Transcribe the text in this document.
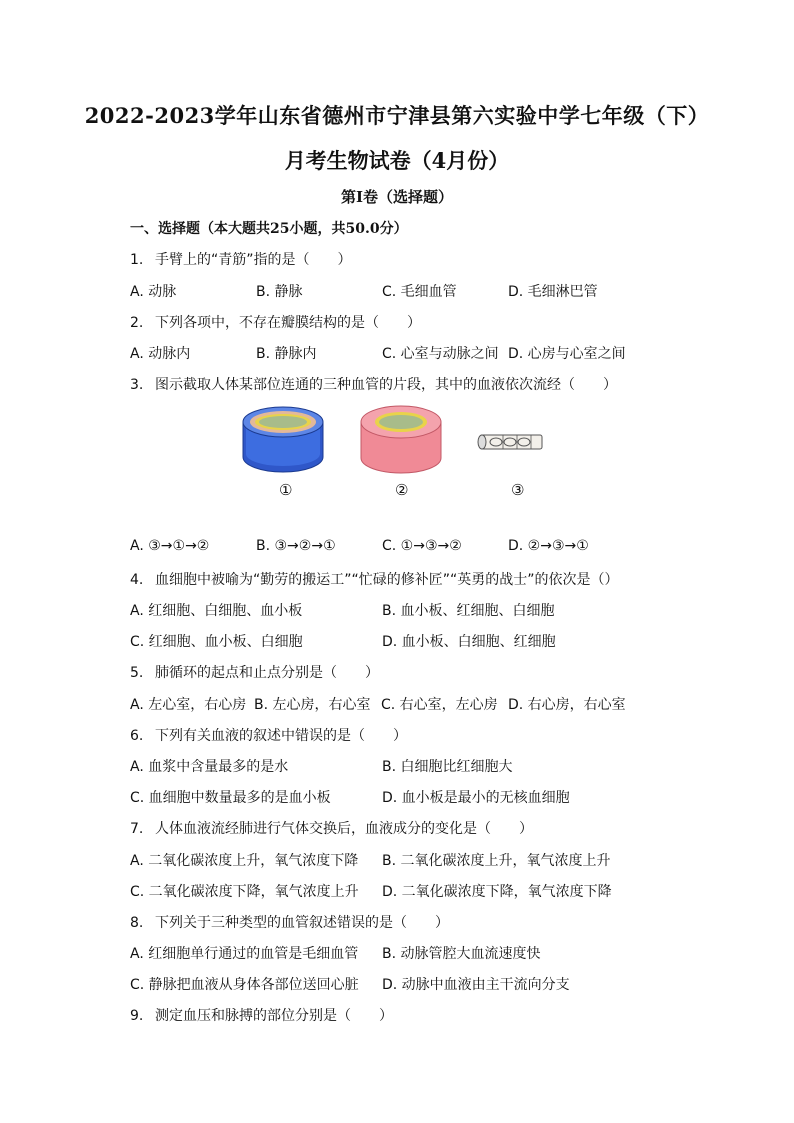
2022-2023学年山东省德州市宁津县第六实验中学七年级（下）
月考生物试卷（4月份）
第I卷（选择题）
一、选择题（本大题共25小题，共50.0分）
1. 手臂上的“青筋”指的是（　　）
A. 动脉	B. 静脉	C. 毛细血管	D. 毛细淋巴管
2. 下列各项中，不存在瓣膜结构的是（　　）
A. 动脉内	B. 静脉内	C. 心室与动脉之间 D. 心房与心室之间
3. 图示截取人体某部位连通的三种血管的片段，其中的血液依次流经（　　）
①	②	③
A. ③→①→②	B. ③→②→①	C. ①→③→②	D. ②→③→①
4. 血细胞中被喻为“勤劳的搬运工”“忙碌的修补匠”“英勇的战士”的依次是（）
A. 红细胞、白细胞、血小板	B. 血小板、红细胞、白细胞
C. 红细胞、血小板、白细胞	D. 血小板、白细胞、红细胞
5. 肺循环的起点和止点分别是（　　）
A. 左心室，右心房 B. 左心房，右心室 C. 右心室，左心房 D. 右心房，右心室
6. 下列有关血液的叙述中错误的是（　　）
A. 血浆中含量最多的是水	B. 白细胞比红细胞大
C. 血细胞中数量最多的是血小板	D. 血小板是最小的无核血细胞
7. 人体血液流经肺进行气体交换后，血液成分的变化是（　　）
A. 二氧化碳浓度上升，氧气浓度下降 B. 二氧化碳浓度上升，氧气浓度上升
C. 二氧化碳浓度下降，氧气浓度上升 D. 二氧化碳浓度下降，氧气浓度下降
8. 下列关于三种类型的血管叙述错误的是（　　）
A. 红细胞单行通过的血管是毛细血管 B. 动脉管腔大血流速度快
C. 静脉把血液从身体各部位送回心脏 D. 动脉中血液由主干流向分支
9. 测定血压和脉搏的部位分别是（　　）
